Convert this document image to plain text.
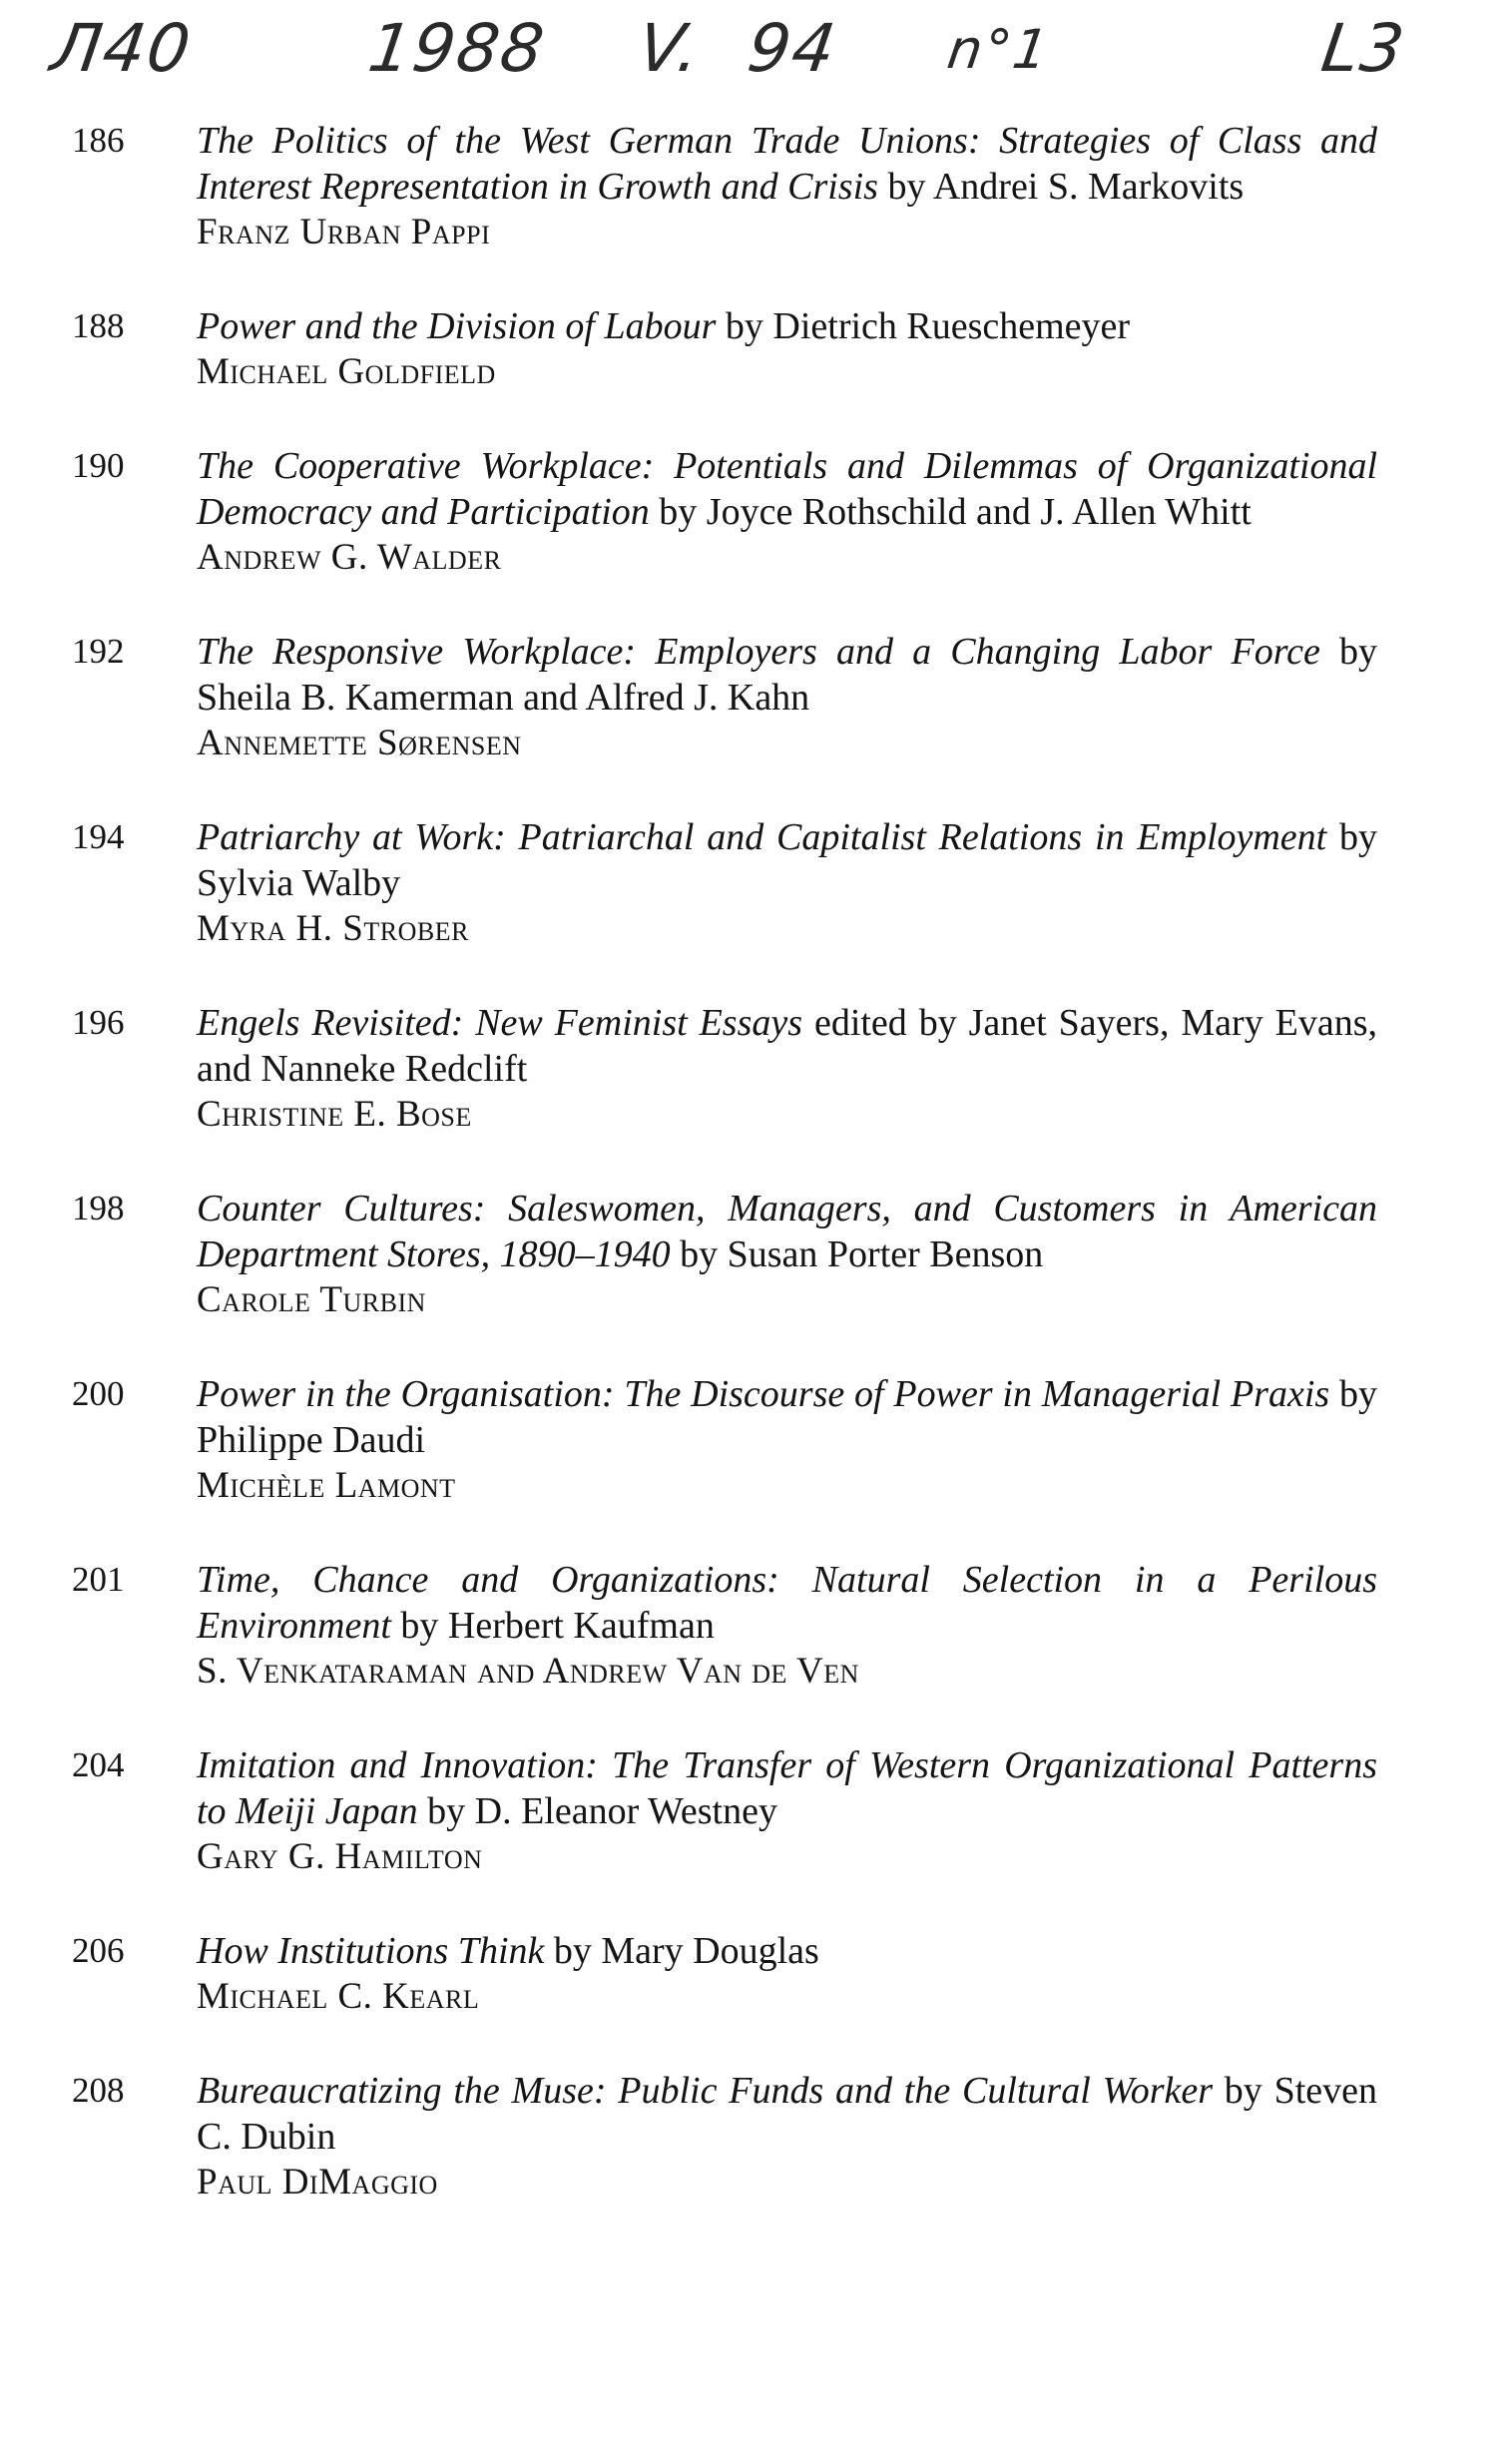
Л40	1988 V. 94 n°1	L3
186	The Politics of the West German Trade Unions: Strategies of Class and Interest Representation in Growth and Crisis by Andrei S. Markovits
Franz Urban Pappi
188	Power and the Division of Labour by Dietrich Rueschemeyer
Michael Goldfield
190	The Cooperative Workplace: Potentials and Dilemmas of Organizational Democracy and Participation by Joyce Rothschild and J. Allen Whitt
Andrew G. Walder
192	The Responsive Workplace: Employers and a Changing Labor Force by Sheila B. Kamerman and Alfred J. Kahn
Annemette Sørensen
194	Patriarchy at Work: Patriarchal and Capitalist Relations in Employment by Sylvia Walby
Myra H. Strober
196	Engels Revisited: New Feminist Essays edited by Janet Sayers, Mary Evans, and Nanneke Redclift
Christine E. Bose
198	Counter Cultures: Saleswomen, Managers, and Customers in American Department Stores, 1890–1940 by Susan Porter Benson
Carole Turbin
200	Power in the Organisation: The Discourse of Power in Managerial Praxis by Philippe Daudi
Michèle Lamont
201	Time, Chance and Organizations: Natural Selection in a Perilous Environment by Herbert Kaufman
S. Venkataraman and Andrew Van de Ven
204	Imitation and Innovation: The Transfer of Western Organizational Patterns to Meiji Japan by D. Eleanor Westney
Gary G. Hamilton
206	How Institutions Think by Mary Douglas
Michael C. Kearl
208	Bureaucratizing the Muse: Public Funds and the Cultural Worker by Steven C. Dubin
Paul DiMaggio
